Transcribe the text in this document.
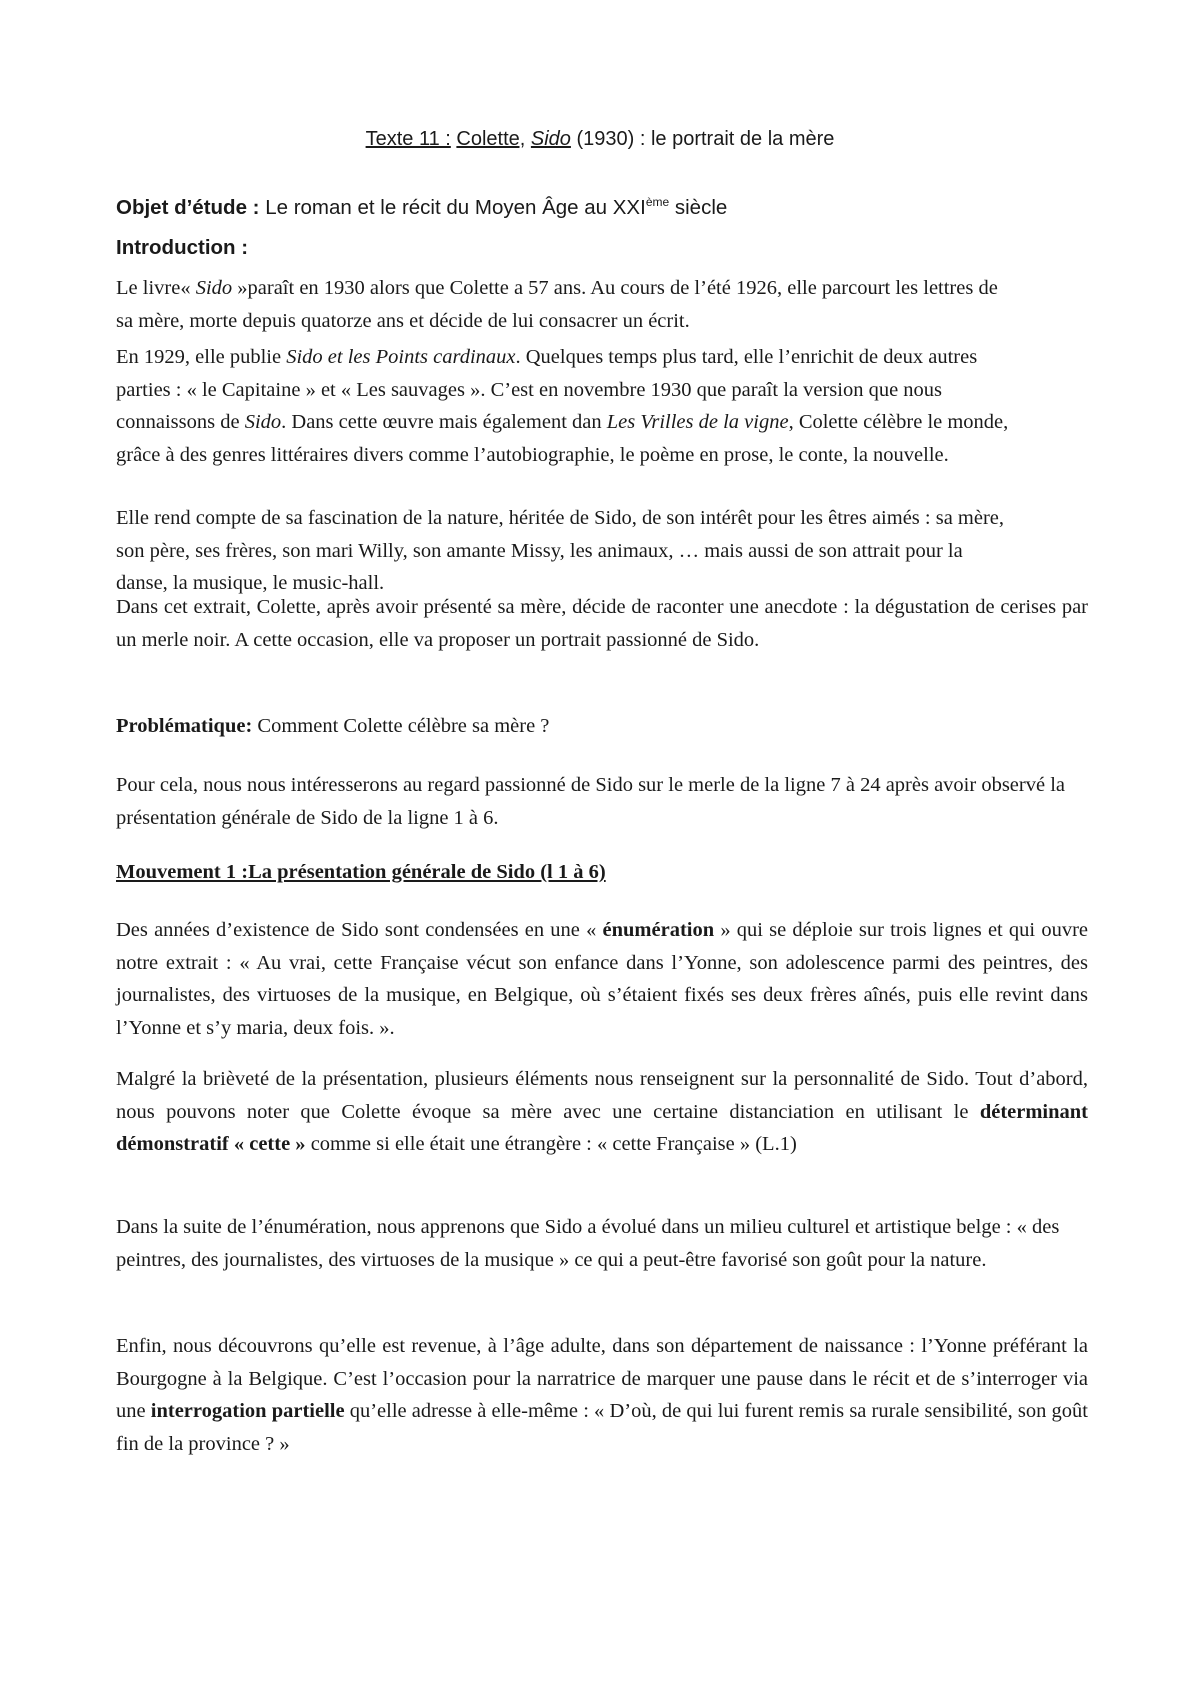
Texte 11 : Colette, Sido (1930) : le portrait de la mère

Objet d’étude : Le roman et le récit du Moyen Âge au XXIème siècle

Introduction :

Le livre« Sido »paraît en 1930 alors que Colette a 57 ans. Au cours de l’été 1926, elle parcourt les lettres de sa mère, morte depuis quatorze ans et décide de lui consacrer un écrit.

En 1929, elle publie Sido et les Points cardinaux. Quelques temps plus tard, elle l’enrichit de deux autres parties : « le Capitaine » et « Les sauvages ». C’est en novembre 1930 que paraît la version que nous connaissons de Sido. Dans cette œuvre mais également dan Les Vrilles de la vigne, Colette célèbre le monde, grâce à des genres littéraires divers comme l’autobiographie, le poème en prose, le conte, la nouvelle.

Elle rend compte de sa fascination de la nature, héritée de Sido, de son intérêt pour les êtres aimés : sa mère, son père, ses frères, son mari Willy, son amante Missy, les animaux, … mais aussi de son attrait pour la danse, la musique, le music-hall.

Dans cet extrait, Colette, après avoir présenté sa mère, décide de raconter une anecdote : la dégustation de cerises par un merle noir. A cette occasion, elle va proposer un portrait passionné de Sido.

Problématique: Comment Colette célèbre sa mère ?

Pour cela, nous nous intéresserons au regard passionné de Sido sur le merle de la ligne 7 à 24 après avoir observé la présentation générale de Sido de la ligne 1 à 6.

Mouvement 1 :La présentation générale de Sido (l 1 à 6)

Des années d’existence de Sido sont condensées en une « énumération » qui se déploie sur trois lignes et qui ouvre notre extrait : « Au vrai, cette Française vécut son enfance dans l’Yonne, son adolescence parmi des peintres, des journalistes, des virtuoses de la musique, en Belgique, où s’étaient fixés ses deux frères aînés, puis elle revint dans l’Yonne et s’y maria, deux fois. ».

Malgré la brièveté de la présentation, plusieurs éléments nous renseignent sur la personnalité de Sido. Tout d’abord, nous pouvons noter que Colette évoque sa mère avec une certaine distanciation en utilisant le déterminant démonstratif « cette » comme si elle était une étrangère : « cette Française » (L.1)

Dans la suite de l’énumération, nous apprenons que Sido a évolué dans un milieu culturel et artistique belge : « des peintres, des journalistes, des virtuoses de la musique » ce qui a peut-être favorisé son goût pour la nature.

Enfin, nous découvrons qu’elle est revenue, à l’âge adulte, dans son département de naissance : l’Yonne préférant la Bourgogne à la Belgique. C’est l’occasion pour la narratrice de marquer une pause dans le récit et de s’interroger via une interrogation partielle qu’elle adresse à elle-même : « D’où, de qui lui furent remis sa rurale sensibilité, son goût fin de la province ? »
